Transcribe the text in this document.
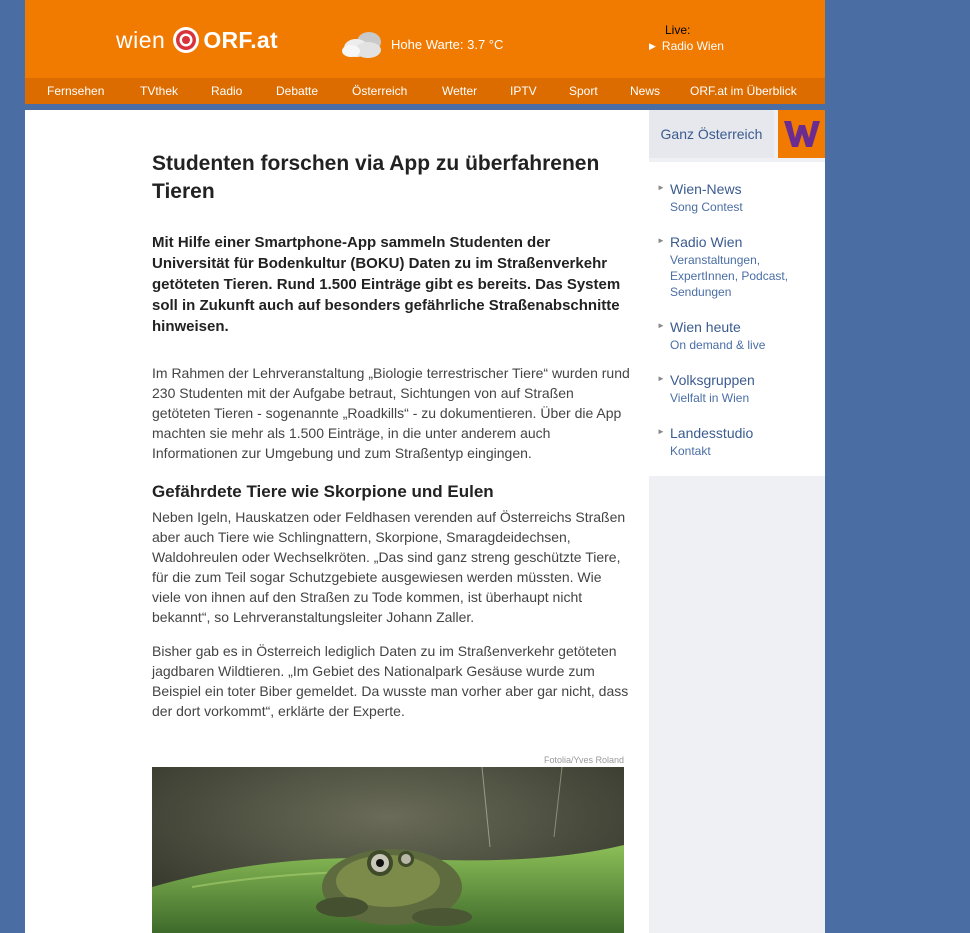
wien ORF.at	Hohe Warte: 3.7 °C
Live:
▶ Radio Wien
Fernsehen	TVthek	Radio	Debatte	Österreich	Wetter	IPTV	Sport	News ORF.at im Überblick
Studenten forschen via App zu überfahrenen Tieren

Mit Hilfe einer Smartphone-App sammeln Studenten der Universität für Bodenkultur (BOKU) Daten zu im Straßenverkehr getöteten Tieren. Rund 1.500 Einträge gibt es bereits. Das System soll in Zukunft auch auf besonders gefährliche Straßenabschnitte hinweisen.

Im Rahmen der Lehrveranstaltung „Biologie terrestrischer Tiere“ wurden rund 230 Studenten mit der Aufgabe betraut, Sichtungen von auf Straßen getöteten Tieren - sogenannte „Roadkills“ - zu dokumentieren. Über die App machten sie mehr als 1.500 Einträge, in die unter anderem auch Informationen zur Umgebung und zum Straßentyp eingingen.

Gefährdete Tiere wie Skorpione und Eulen

Neben Igeln, Hauskatzen oder Feldhasen verenden auf Österreichs Straßen aber auch Tiere wie Schlingnattern, Skorpione, Smaragdeidechsen, Waldohreulen oder Wechselkröten. „Das sind ganz streng geschützte Tiere, für die zum Teil sogar Schutzgebiete ausgewiesen werden müssten. Wie viele von ihnen auf den Straßen zu Tode kommen, ist überhaupt nicht bekannt“, so Lehrveranstaltungsleiter Johann Zaller.

Bisher gab es in Österreich lediglich Daten zu im Straßenverkehr getöteten jagdbaren Wildtieren. „Im Gebiet des Nationalpark Gesäuse wurde zum Beispiel ein toter Biber gemeldet. Da wusste man vorher aber gar nicht, dass der dort vorkommt“, erklärte der Experte.

Fotolia/Yves Roland
Ganz Österreich
► Wien-News
Song Contest
► Radio Wien
Veranstaltungen, ExpertInnen, Podcast, Sendungen
► Wien heute
On demand & live
► Volksgruppen
Vielfalt in Wien
► Landesstudio
Kontakt
